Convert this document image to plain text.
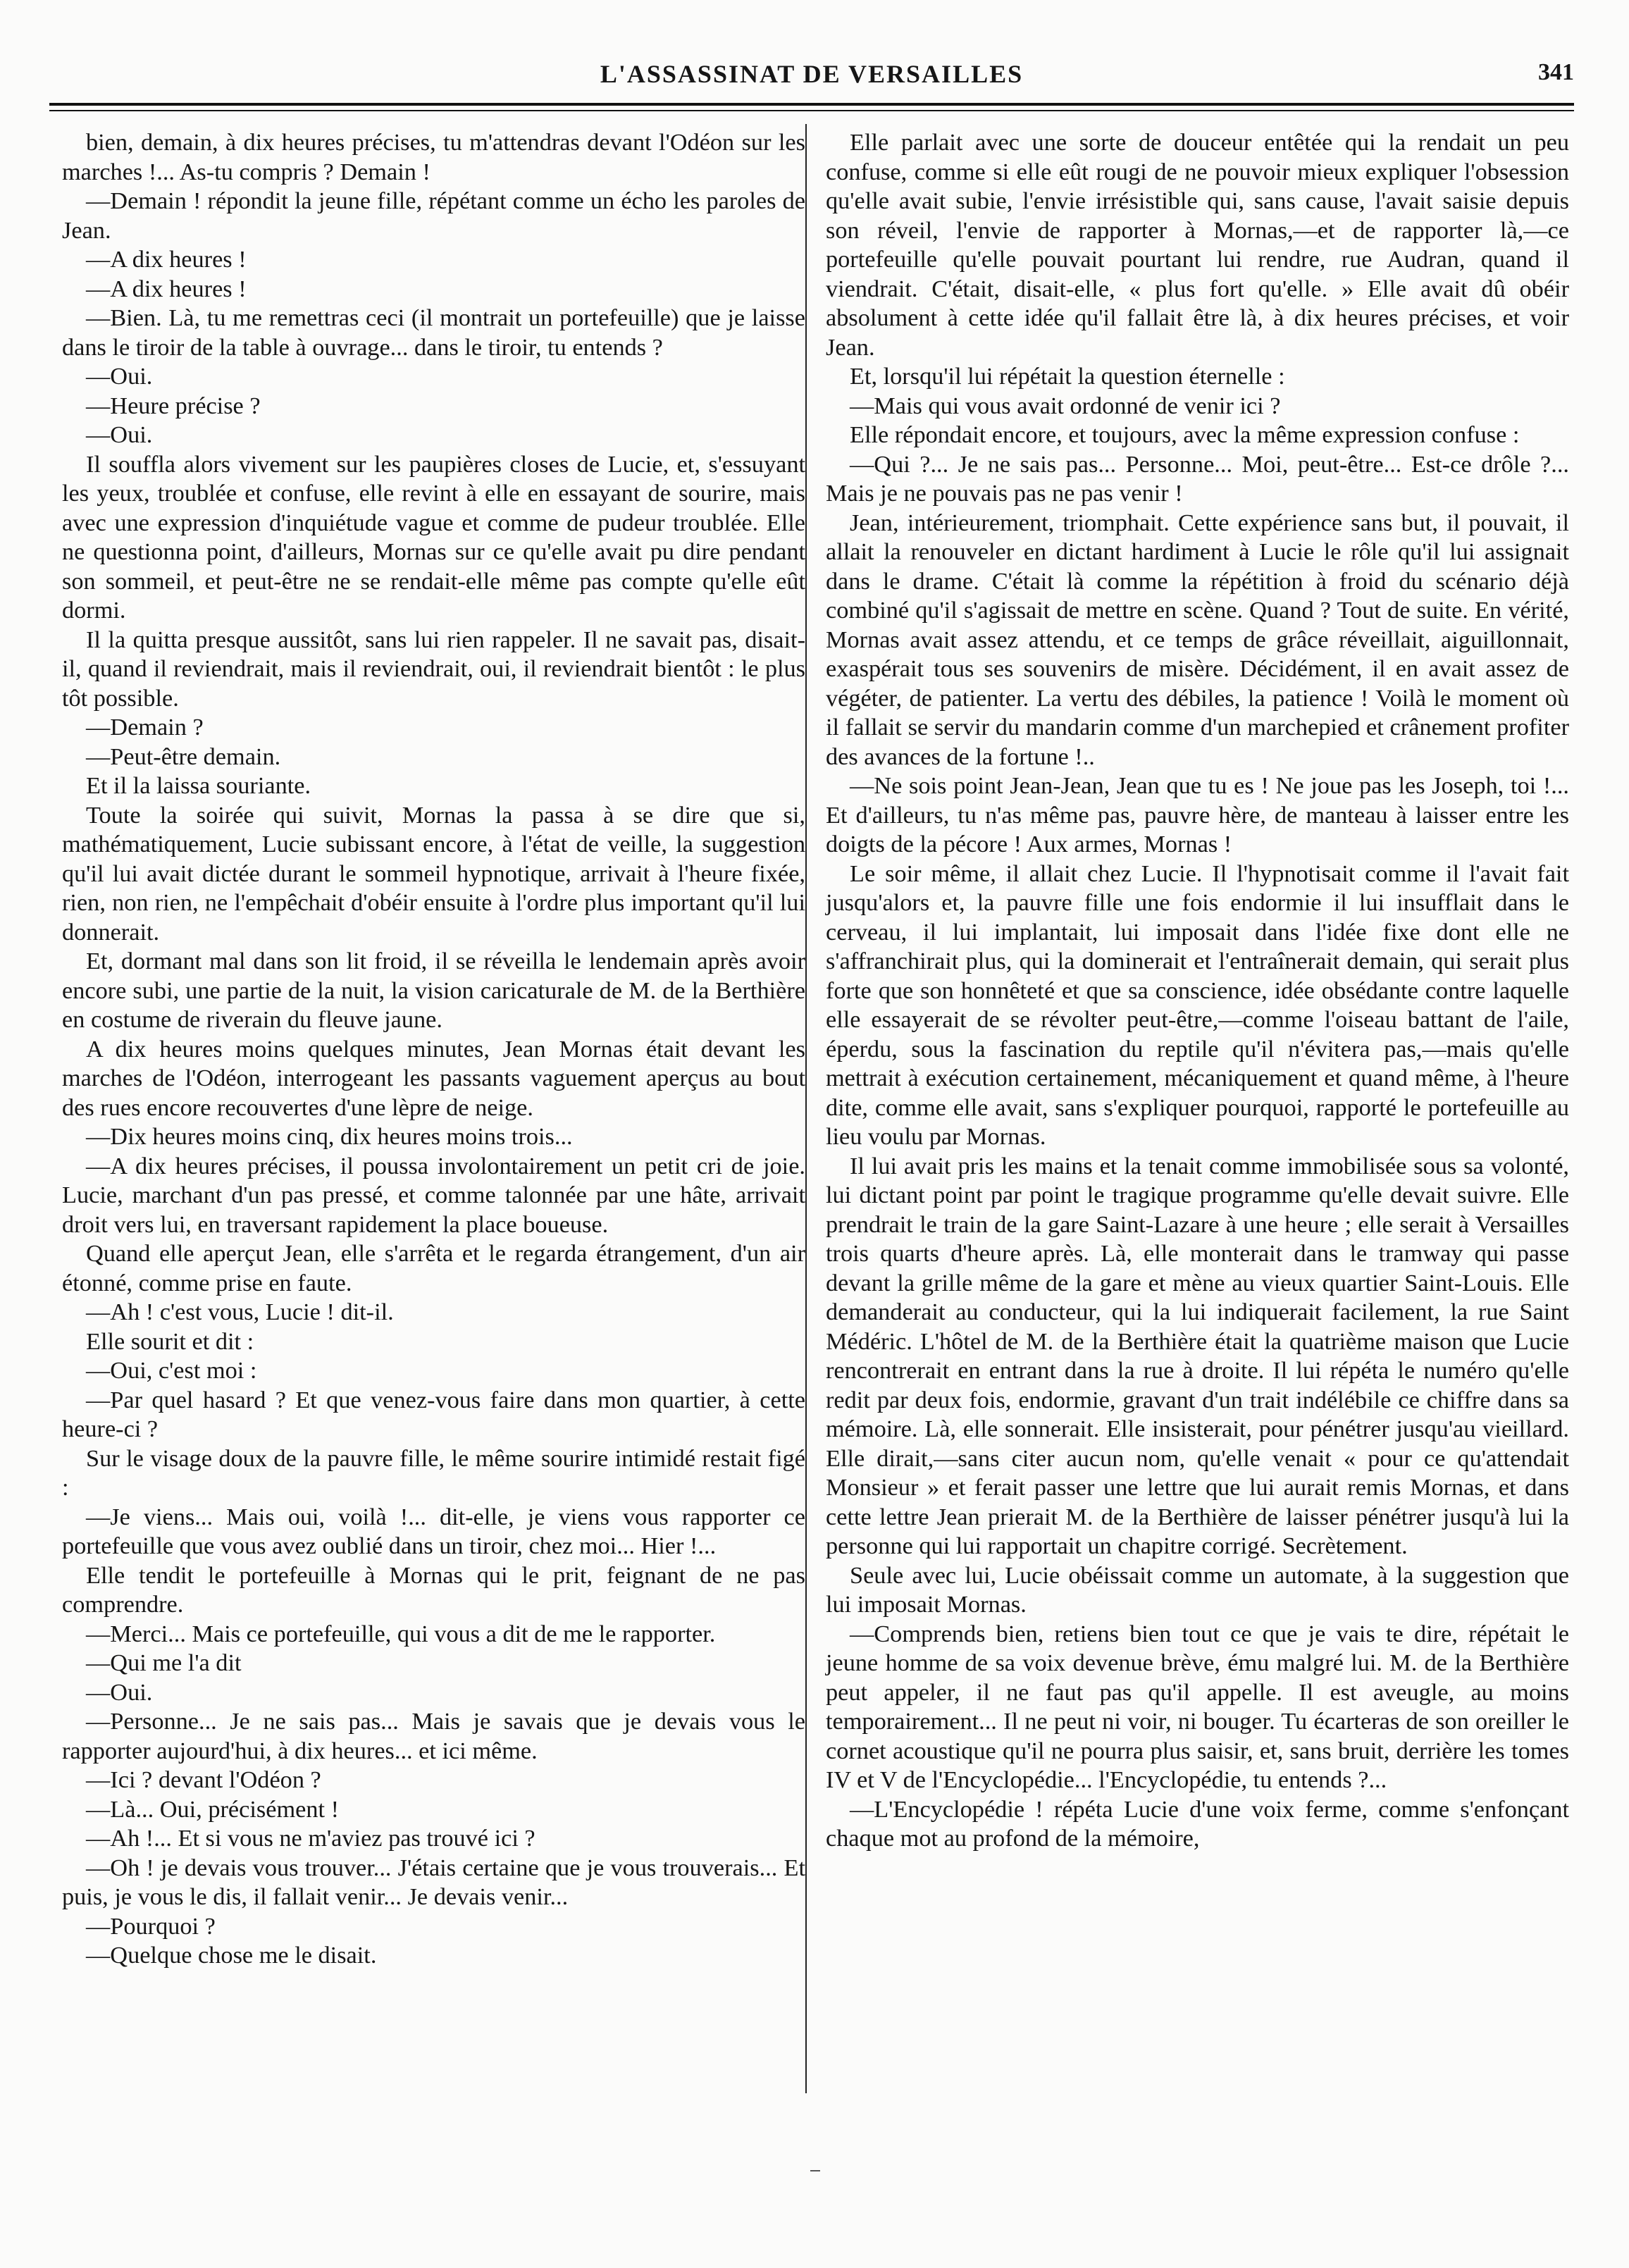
L'ASSASSINAT DE VERSAILLES	341

bien, demain, à dix heures précises, tu m'attendras devant l'Odéon sur les marches !... As-tu compris ? Demain !

—Demain ! répondit la jeune fille, répétant comme un écho les paroles de Jean.

—A dix heures !

—A dix heures !

—Bien. Là, tu me remettras ceci (il montrait un portefeuille) que je laisse dans le tiroir de la table à ouvrage... dans le tiroir, tu entends ?

—Oui.

—Heure précise ?

—Oui.

Il souffla alors vivement sur les paupières closes de Lucie, et, s'essuyant les yeux, troublée et confuse, elle revint à elle en essayant de sourire, mais avec une expression d'inquiétude vague et comme de pudeur troublée. Elle ne questionna point, d'ailleurs, Mornas sur ce qu'elle avait pu dire pendant son sommeil, et peut-être ne se rendait-elle même pas compte qu'elle eût dormi.

Il la quitta presque aussitôt, sans lui rien rappeler. Il ne savait pas, disait-il, quand il reviendrait, mais il reviendrait, oui, il reviendrait bientôt : le plus tôt possible.

—Demain ?

—Peut-être demain.

Et il la laissa souriante.

Toute la soirée qui suivit, Mornas la passa à se dire que si, mathématiquement, Lucie subissant encore, à l'état de veille, la suggestion qu'il lui avait dictée durant le sommeil hypnotique, arrivait à l'heure fixée, rien, non rien, ne l'empêchait d'obéir ensuite à l'ordre plus important qu'il lui donnerait.

Et, dormant mal dans son lit froid, il se réveilla le lendemain après avoir encore subi, une partie de la nuit, la vision caricaturale de M. de la Berthière en costume de riverain du fleuve jaune.

A dix heures moins quelques minutes, Jean Mornas était devant les marches de l'Odéon, interrogeant les passants vaguement aperçus au bout des rues encore recouvertes d'une lèpre de neige.

—Dix heures moins cinq, dix heures moins trois...

—A dix heures précises, il poussa involontairement un petit cri de joie. Lucie, marchant d'un pas pressé, et comme talonnée par une hâte, arrivait droit vers lui, en traversant rapidement la place boueuse.

Quand elle aperçut Jean, elle s'arrêta et le regarda étrangement, d'un air étonné, comme prise en faute.

—Ah ! c'est vous, Lucie ! dit-il.

Elle sourit et dit :

—Oui, c'est moi :

—Par quel hasard ? Et que venez-vous faire dans mon quartier, à cette heure-ci ?

Sur le visage doux de la pauvre fille, le même sourire intimidé restait figé :

—Je viens... Mais oui, voilà !... dit-elle, je viens vous rapporter ce portefeuille que vous avez oublié dans un tiroir, chez moi... Hier !...

Elle tendit le portefeuille à Mornas qui le prit, feignant de ne pas comprendre.

—Merci... Mais ce portefeuille, qui vous a dit de me le rapporter.

—Qui me l'a dit

—Oui.

—Personne... Je ne sais pas... Mais je savais que je devais vous le rapporter aujourd'hui, à dix heures... et ici même.

—Ici ? devant l'Odéon ?

—Là... Oui, précisément !

—Ah !... Et si vous ne m'aviez pas trouvé ici ?

—Oh ! je devais vous trouver... J'étais certaine que je vous trouverais... Et puis, je vous le dis, il fallait venir... Je devais venir...

—Pourquoi ?

—Quelque chose me le disait.

Elle parlait avec une sorte de douceur entêtée qui la rendait un peu confuse, comme si elle eût rougi de ne pouvoir mieux expliquer l'obsession qu'elle avait subie, l'envie irrésistible qui, sans cause, l'avait saisie depuis son réveil, l'envie de rapporter à Mornas,—et de rapporter là,—ce portefeuille qu'elle pouvait pourtant lui rendre, rue Audran, quand il viendrait. C'était, disait-elle, « plus fort qu'elle. » Elle avait dû obéir absolument à cette idée qu'il fallait être là, à dix heures précises, et voir Jean.

Et, lorsqu'il lui répétait la question éternelle :

—Mais qui vous avait ordonné de venir ici ?

Elle répondait encore, et toujours, avec la même expression confuse :

—Qui ?... Je ne sais pas... Personne... Moi, peut-être... Est-ce drôle ?... Mais je ne pouvais pas ne pas venir !

Jean, intérieurement, triomphait. Cette expérience sans but, il pouvait, il allait la renouveler en dictant hardiment à Lucie le rôle qu'il lui assignait dans le drame. C'était là comme la répétition à froid du scénario déjà combiné qu'il s'agissait de mettre en scène. Quand ? Tout de suite. En vérité, Mornas avait assez attendu, et ce temps de grâce réveillait, aiguillonnait, exaspérait tous ses souvenirs de misère. Décidément, il en avait assez de végéter, de patienter. La vertu des débiles, la patience ! Voilà le moment où il fallait se servir du mandarin comme d'un marchepied et crânement profiter des avances de la fortune !..

—Ne sois point Jean-Jean, Jean que tu es ! Ne joue pas les Joseph, toi !... Et d'ailleurs, tu n'as même pas, pauvre hère, de manteau à laisser entre les doigts de la pécore ! Aux armes, Mornas !

Le soir même, il allait chez Lucie. Il l'hypnotisait comme il l'avait fait jusqu'alors et, la pauvre fille une fois endormie il lui insufflait dans le cerveau, il lui implantait, lui imposait dans l'idée fixe dont elle ne s'affranchirait plus, qui la dominerait et l'entraînerait demain, qui serait plus forte que son honnêteté et que sa conscience, idée obsédante contre laquelle elle essayerait de se révolter peut-être,—comme l'oiseau battant de l'aile, éperdu, sous la fascination du reptile qu'il n'évitera pas,—mais qu'elle mettrait à exécution certainement, mécaniquement et quand même, à l'heure dite, comme elle avait, sans s'expliquer pourquoi, rapporté le portefeuille au lieu voulu par Mornas.

Il lui avait pris les mains et la tenait comme immobilisée sous sa volonté, lui dictant point par point le tragique programme qu'elle devait suivre. Elle prendrait le train de la gare Saint-Lazare à une heure ; elle serait à Versailles trois quarts d'heure après. Là, elle monterait dans le tramway qui passe devant la grille même de la gare et mène au vieux quartier Saint-Louis. Elle demanderait au conducteur, qui la lui indiquerait facilement, la rue Saint Médéric. L'hôtel de M. de la Berthière était la quatrième maison que Lucie rencontrerait en entrant dans la rue à droite. Il lui répéta le numéro qu'elle redit par deux fois, endormie, gravant d'un trait indélébile ce chiffre dans sa mémoire. Là, elle sonnerait. Elle insisterait, pour pénétrer jusqu'au vieillard. Elle dirait,—sans citer aucun nom, qu'elle venait « pour ce qu'attendait Monsieur » et ferait passer une lettre que lui aurait remis Mornas, et dans cette lettre Jean prierait M. de la Berthière de laisser pénétrer jusqu'à lui la personne qui lui rapportait un chapitre corrigé. Secrètement.

Seule avec lui, Lucie obéissait comme un automate, à la suggestion que lui imposait Mornas.

—Comprends bien, retiens bien tout ce que je vais te dire, répétait le jeune homme de sa voix devenue brève, ému malgré lui. M. de la Berthière peut appeler, il ne faut pas qu'il appelle. Il est aveugle, au moins temporairement... Il ne peut ni voir, ni bouger. Tu écarteras de son oreiller le cornet acoustique qu'il ne pourra plus saisir, et, sans bruit, derrière les tomes IV et V de l'Encyclopédie... l'Encyclopédie, tu entends ?...

—L'Encyclopédie ! répéta Lucie d'une voix ferme, comme s'enfonçant chaque mot au profond de la mémoire,
